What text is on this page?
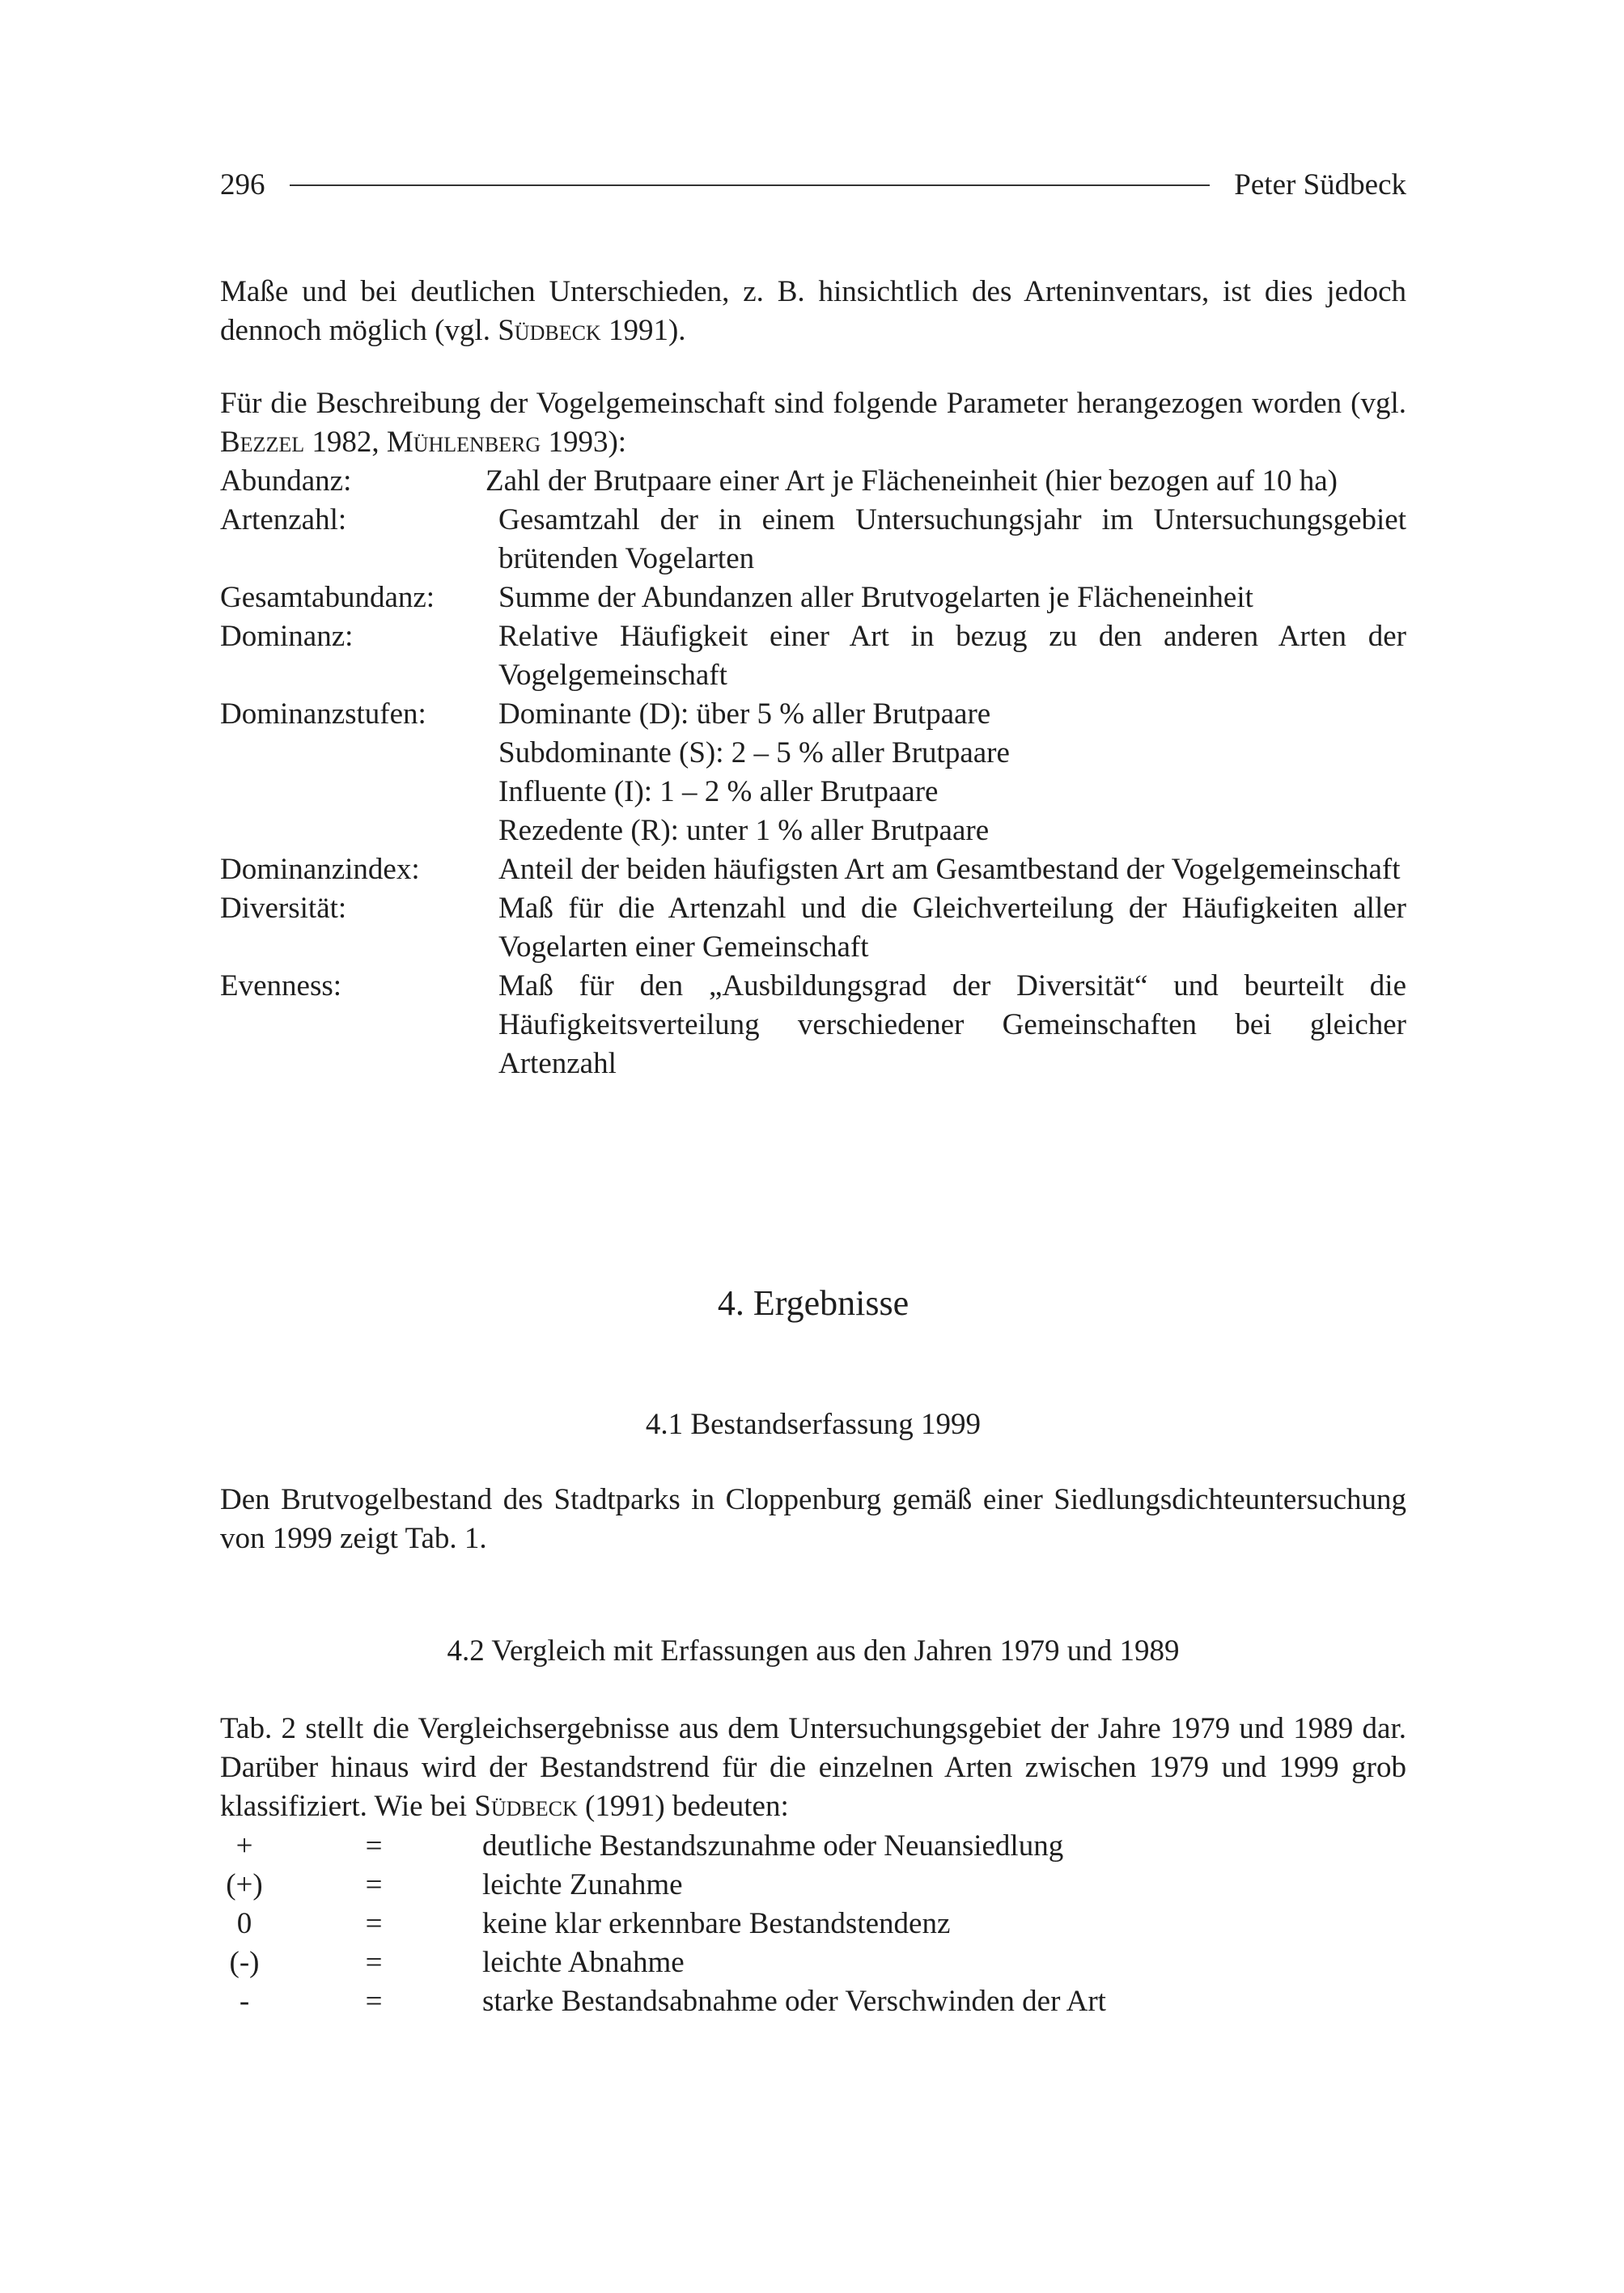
296	Peter Südbeck

Maße und bei deutlichen Unterschieden, z. B. hinsichtlich des Arteninventars, ist dies jedoch dennoch möglich (vgl. Südbeck 1991).

Für die Beschreibung der Vogelgemeinschaft sind folgende Parameter herangezogen worden (vgl. Bezzel 1982, Mühlenberg 1993):

Abundanz:	Zahl der Brutpaare einer Art je Flächeneinheit (hier bezogen auf 10 ha)
Artenzahl:	Gesamtzahl der in einem Untersuchungsjahr im Untersuchungsgebiet brütenden Vogelarten
Gesamtabundanz:	Summe der Abundanzen aller Brutvogelarten je Flächeneinheit
Dominanz:	Relative Häufigkeit einer Art in bezug zu den anderen Arten der Vogelgemeinschaft
Dominanzstufen:	Dominante (D): über 5 % aller Brutpaare
Subdominante (S): 2 – 5 % aller Brutpaare
Influente (I): 1 – 2 % aller Brutpaare
Rezedente (R): unter 1 % aller Brutpaare
Dominanzindex:	Anteil der beiden häufigsten Art am Gesamtbestand der Vogelgemeinschaft
Diversität:	Maß für die Artenzahl und die Gleichverteilung der Häufigkeiten aller Vogelarten einer Gemeinschaft
Evenness:	Maß für den „Ausbildungsgrad der Diversität“ und beurteilt die Häufigkeitsverteilung verschiedener Gemeinschaften bei gleicher Artenzahl
4. Ergebnisse
4.1 Bestandserfassung 1999

Den Brutvogelbestand des Stadtparks in Cloppenburg gemäß einer Siedlungsdichteuntersuchung von 1999 zeigt Tab. 1.

4.2 Vergleich mit Erfassungen aus den Jahren 1979 und 1989

Tab. 2 stellt die Vergleichsergebnisse aus dem Untersuchungsgebiet der Jahre 1979 und 1989 dar. Darüber hinaus wird der Bestandstrend für die einzelnen Arten zwischen 1979 und 1999 grob klassifiziert. Wie bei Südbeck (1991) bedeuten:

+	=	deutliche Bestandszunahme oder Neuansiedlung
(+)	=	leichte Zunahme
0	=	keine klar erkennbare Bestandstendenz
(-)	=	leichte Abnahme
-	=	starke Bestandsabnahme oder Verschwinden der Art
